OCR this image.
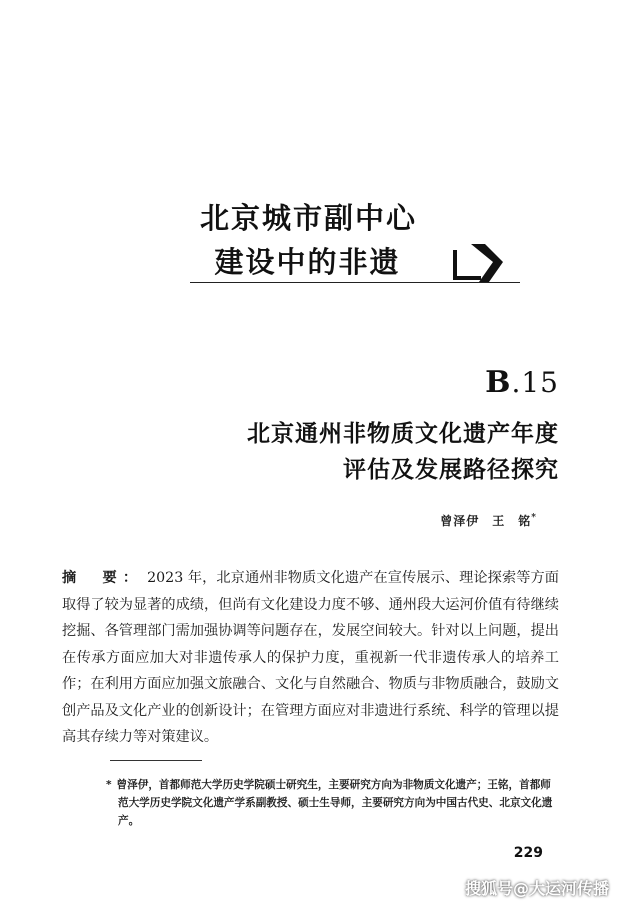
北京城市副中心
建设中的非遗
B.15
北京通州非物质文化遗产年度
评估及发展路径探究
曾泽伊　王　铭*
摘　要： 2023 年，北京通州非物质文化遗产在宣传展示、理论探索等方面取得了较为显著的成绩，但尚有文化建设力度不够、通州段大运河价值有待继续挖掘、各管理部门需加强协调等问题存在，发展空间较大。针对以上问题，提出在传承方面应加大对非遗传承人的保护力度，重视新一代非遗传承人的培养工作；在利用方面应加强文旅融合、文化与自然融合、物质与非物质融合，鼓励文创产品及文化产业的创新设计；在管理方面应对非遗进行系统、科学的管理以提高其存续力等对策建议。
* 曾泽伊，首都师范大学历史学院硕士研究生，主要研究方向为非物质文化遗产；王铭，首都师范大学历史学院文化遗产学系副教授、硕士生导师，主要研究方向为中国古代史、北京文化遗产。
229
搜狐号@大运河传播
